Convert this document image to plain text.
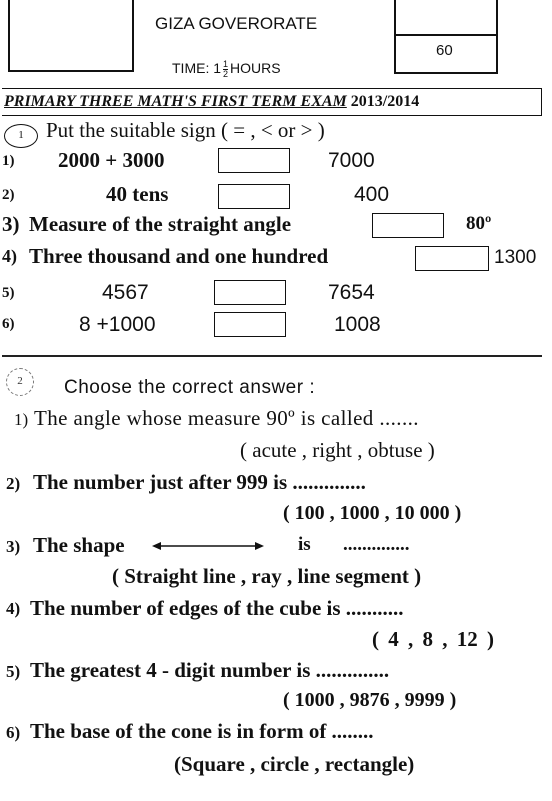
GIZA GOVERORATE
TIME: $1 \frac{1}{2}$ HOURS
60
PRIMARY THREE MATH'S FIRST TERM EXAM 2013/2014
1	Put the suitable sign ( = , < or > )
1) 2000 + 3000	7000
2)	40 tens	400
3) Measure of the straight angle	80º
4) Three thousand and one hundred	1300
5)	4567	7654
6)	8 +1000	1008
2	Choose the correct answer :
1) The angle whose measure 90º is called .......
( acute , right , obtuse )
2) The number just after 999 is ..............
( 100 , 1000 , 10 000 )
3) The shape	is ..............
( Straight line , ray , line segment )
4) The number of edges of the cube is ...........
( 4 , 8 , 12 )
5) The greatest 4 - digit number is ..............
( 1000 , 9876 , 9999 )
6) The base of the cone is in form of ........
(Square , circle , rectangle)
